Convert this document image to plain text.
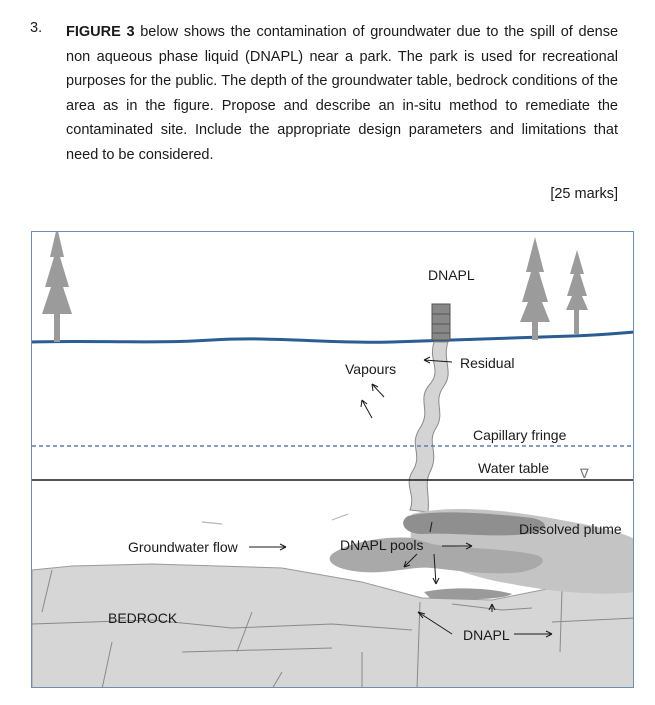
3. FIGURE 3 below shows the contamination of groundwater due to the spill of dense non aqueous phase liquid (DNAPL) near a park. The park is used for recreational purposes for the public. The depth of the groundwater table, bedrock conditions of the area as in the figure. Propose and describe an in-situ method to remediate the contaminated site. Include the appropriate design parameters and limitations that need to be considered.
[25 marks]
∇
DNAPL
Vapours	Residual
Capillary fringe
Water table
Dissolved plume
Groundwater flow	DNAPL pools
BEDROCK
DNAPL
